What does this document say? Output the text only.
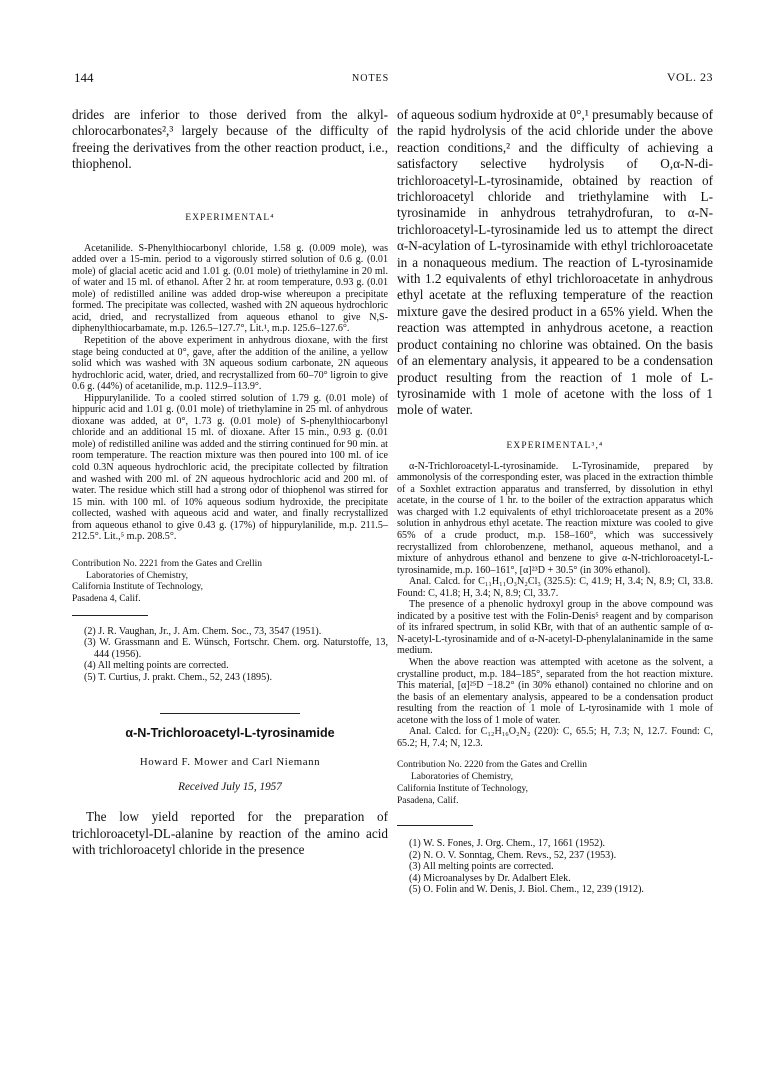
144	NOTES	VOL. 23

drides are inferior to those derived from the alkyl-chlorocarbonates²,³ largely because of the difficulty of freeing the derivatives from the other reaction product, i.e., thiophenol.

EXPERIMENTAL⁴

Acetanilide. S-Phenylthiocarbonyl chloride, 1.58 g. (0.009 mole), was added over a 15-min. period to a vigorously stirred solution of 0.6 g. (0.01 mole) of glacial acetic acid and 1.01 g. (0.01 mole) of triethylamine in 20 ml. of water and 15 ml. of ethanol. After 2 hr. at room temperature, 0.93 g. (0.01 mole) of redistilled aniline was added drop-wise whereupon a precipitate formed. The precipitate was collected, washed with 2N aqueous hydrochloric acid, dried, and recrystallized from aqueous ethanol to give N,S-diphenylthiocarbamate, m.p. 126.5–127.7°, Lit.¹, m.p. 125.6–127.6°.

Repetition of the above experiment in anhydrous dioxane, with the first stage being conducted at 0°, gave, after the addition of the aniline, a yellow solid which was washed with 3N aqueous sodium carbonate, 2N aqueous hydrochloric acid, water, dried, and recrystallized from 60–70° ligroin to give 0.6 g. (44%) of acetanilide, m.p. 112.9–113.9°.

Hippurylanilide. To a cooled stirred solution of 1.79 g. (0.01 mole) of hippuric acid and 1.01 g. (0.01 mole) of triethylamine in 25 ml. of anhydrous dioxane was added, at 0°, 1.73 g. (0.01 mole) of S-phenylthiocarbonyl chloride and an additional 15 ml. of dioxane. After 15 min., 0.93 g. (0.01 mole) of redistilled aniline was added and the stirring continued for 90 min. at room temperature. The reaction mixture was then poured into 100 ml. of ice cold 0.3N aqueous hydrochloric acid, the precipitate collected by filtration and washed with 200 ml. of 2N aqueous hydrochloric acid and 200 ml. of water. The residue which still had a strong odor of thiophenol was stirred for 15 min. with 100 ml. of 10% aqueous sodium hydroxide, the precipitate collected, washed with aqueous acid and water, and finally recrystallized from aqueous ethanol to give 0.43 g. (17%) of hippurylanilide, m.p. 211.5–212.5°. Lit.,⁵ m.p. 208.5°.

Contribution No. 2221 from the Gates and Crellin
Laboratories of Chemistry,
California Institute of Technology,
Pasadena 4, Calif.

(2) J. R. Vaughan, Jr., J. Am. Chem. Soc., 73, 3547 (1951).

(3) W. Grassmann and E. Wünsch, Fortschr. Chem. org. Naturstoffe, 13, 444 (1956).

(4) All melting points are corrected.

(5) T. Curtius, J. prakt. Chem., 52, 243 (1895).

α-N-Trichloroacetyl-L-tyrosinamide
Howard F. Mower and Carl Niemann
Received July 15, 1957

The low yield reported for the preparation of trichloroacetyl-DL-alanine by reaction of the amino acid with trichloroacetyl chloride in the presence

of aqueous sodium hydroxide at 0°,¹ presumably because of the rapid hydrolysis of the acid chloride under the above reaction conditions,² and the difficulty of achieving a satisfactory selective hydrolysis of O,α-N-di-trichloroacetyl-L-tyrosinamide, obtained by reaction of trichloroacetyl chloride and triethylamine with L-tyrosinamide in anhydrous tetrahydrofuran, to α-N-trichloroacetyl-L-tyrosinamide led us to attempt the direct α-N-acylation of L-tyrosinamide with ethyl trichloroacetate in a nonaqueous medium. The reaction of L-tyrosinamide with 1.2 equivalents of ethyl trichloroacetate in anhydrous ethyl acetate at the refluxing temperature of the reaction mixture gave the desired product in a 65% yield. When the reaction was attempted in anhydrous acetone, a reaction product containing no chlorine was obtained. On the basis of an elementary analysis, it appeared to be a condensation product resulting from the reaction of 1 mole of L-tyrosinamide with 1 mole of acetone with the loss of 1 mole of water.

EXPERIMENTAL³,⁴

α-N-Trichloroacetyl-L-tyrosinamide. L-Tyrosinamide, prepared by ammonolysis of the corresponding ester, was placed in the extraction thimble of a Soxhlet extraction apparatus and transferred, by dissolution in ethyl acetate, in the course of 1 hr. to the boiler of the extraction apparatus which was charged with 1.2 equivalents of ethyl trichloroacetate present as a 20% solution in anhydrous ethyl acetate. The reaction mixture was cooled to give 65% of a crude product, m.p. 158–160°, which was successively recrystallized from chlorobenzene, methanol, aqueous methanol, and a mixture of anhydrous ethanol and benzene to give α-N-trichloroacetyl-L-tyrosinamide, m.p. 160–161°, [α]²³D + 30.5° (in 30% ethanol).

Anal. Calcd. for C₁₁H₁₁O₃N₂Cl₃ (325.5): C, 41.9; H, 3.4; N, 8.9; Cl, 33.8. Found: C, 41.8; H, 3.4; N, 8.9; Cl, 33.7.

The presence of a phenolic hydroxyl group in the above compound was indicated by a positive test with the Folin-Denis⁵ reagent and by comparison of its infrared spectrum, in solid KBr, with that of an authentic sample of α-N-acetyl-L-tyrosinamide and of α-N-acetyl-D-phenylalaninamide in the same medium.

When the above reaction was attempted with acetone as the solvent, a crystalline product, m.p. 184–185°, separated from the hot reaction mixture. This material, [α]²⁵D −18.2° (in 30% ethanol) contained no chlorine and on the basis of an elementary analysis, appeared to be a condensation product resulting from the reaction of 1 mole of L-tyrosinamide with 1 mole of acetone with the loss of 1 mole of water.

Anal. Calcd. for C₁₂H₁₆O₂N₂ (220): C, 65.5; H, 7.3; N, 12.7. Found: C, 65.2; H, 7.4; N, 12.3.

Contribution No. 2220 from the Gates and Crellin
Laboratories of Chemistry,
California Institute of Technology,
Pasadena, Calif.

(1) W. S. Fones, J. Org. Chem., 17, 1661 (1952).

(2) N. O. V. Sonntag, Chem. Revs., 52, 237 (1953).

(3) All melting points are corrected.

(4) Microanalyses by Dr. Adalbert Elek.

(5) O. Folin and W. Denis, J. Biol. Chem., 12, 239 (1912).
